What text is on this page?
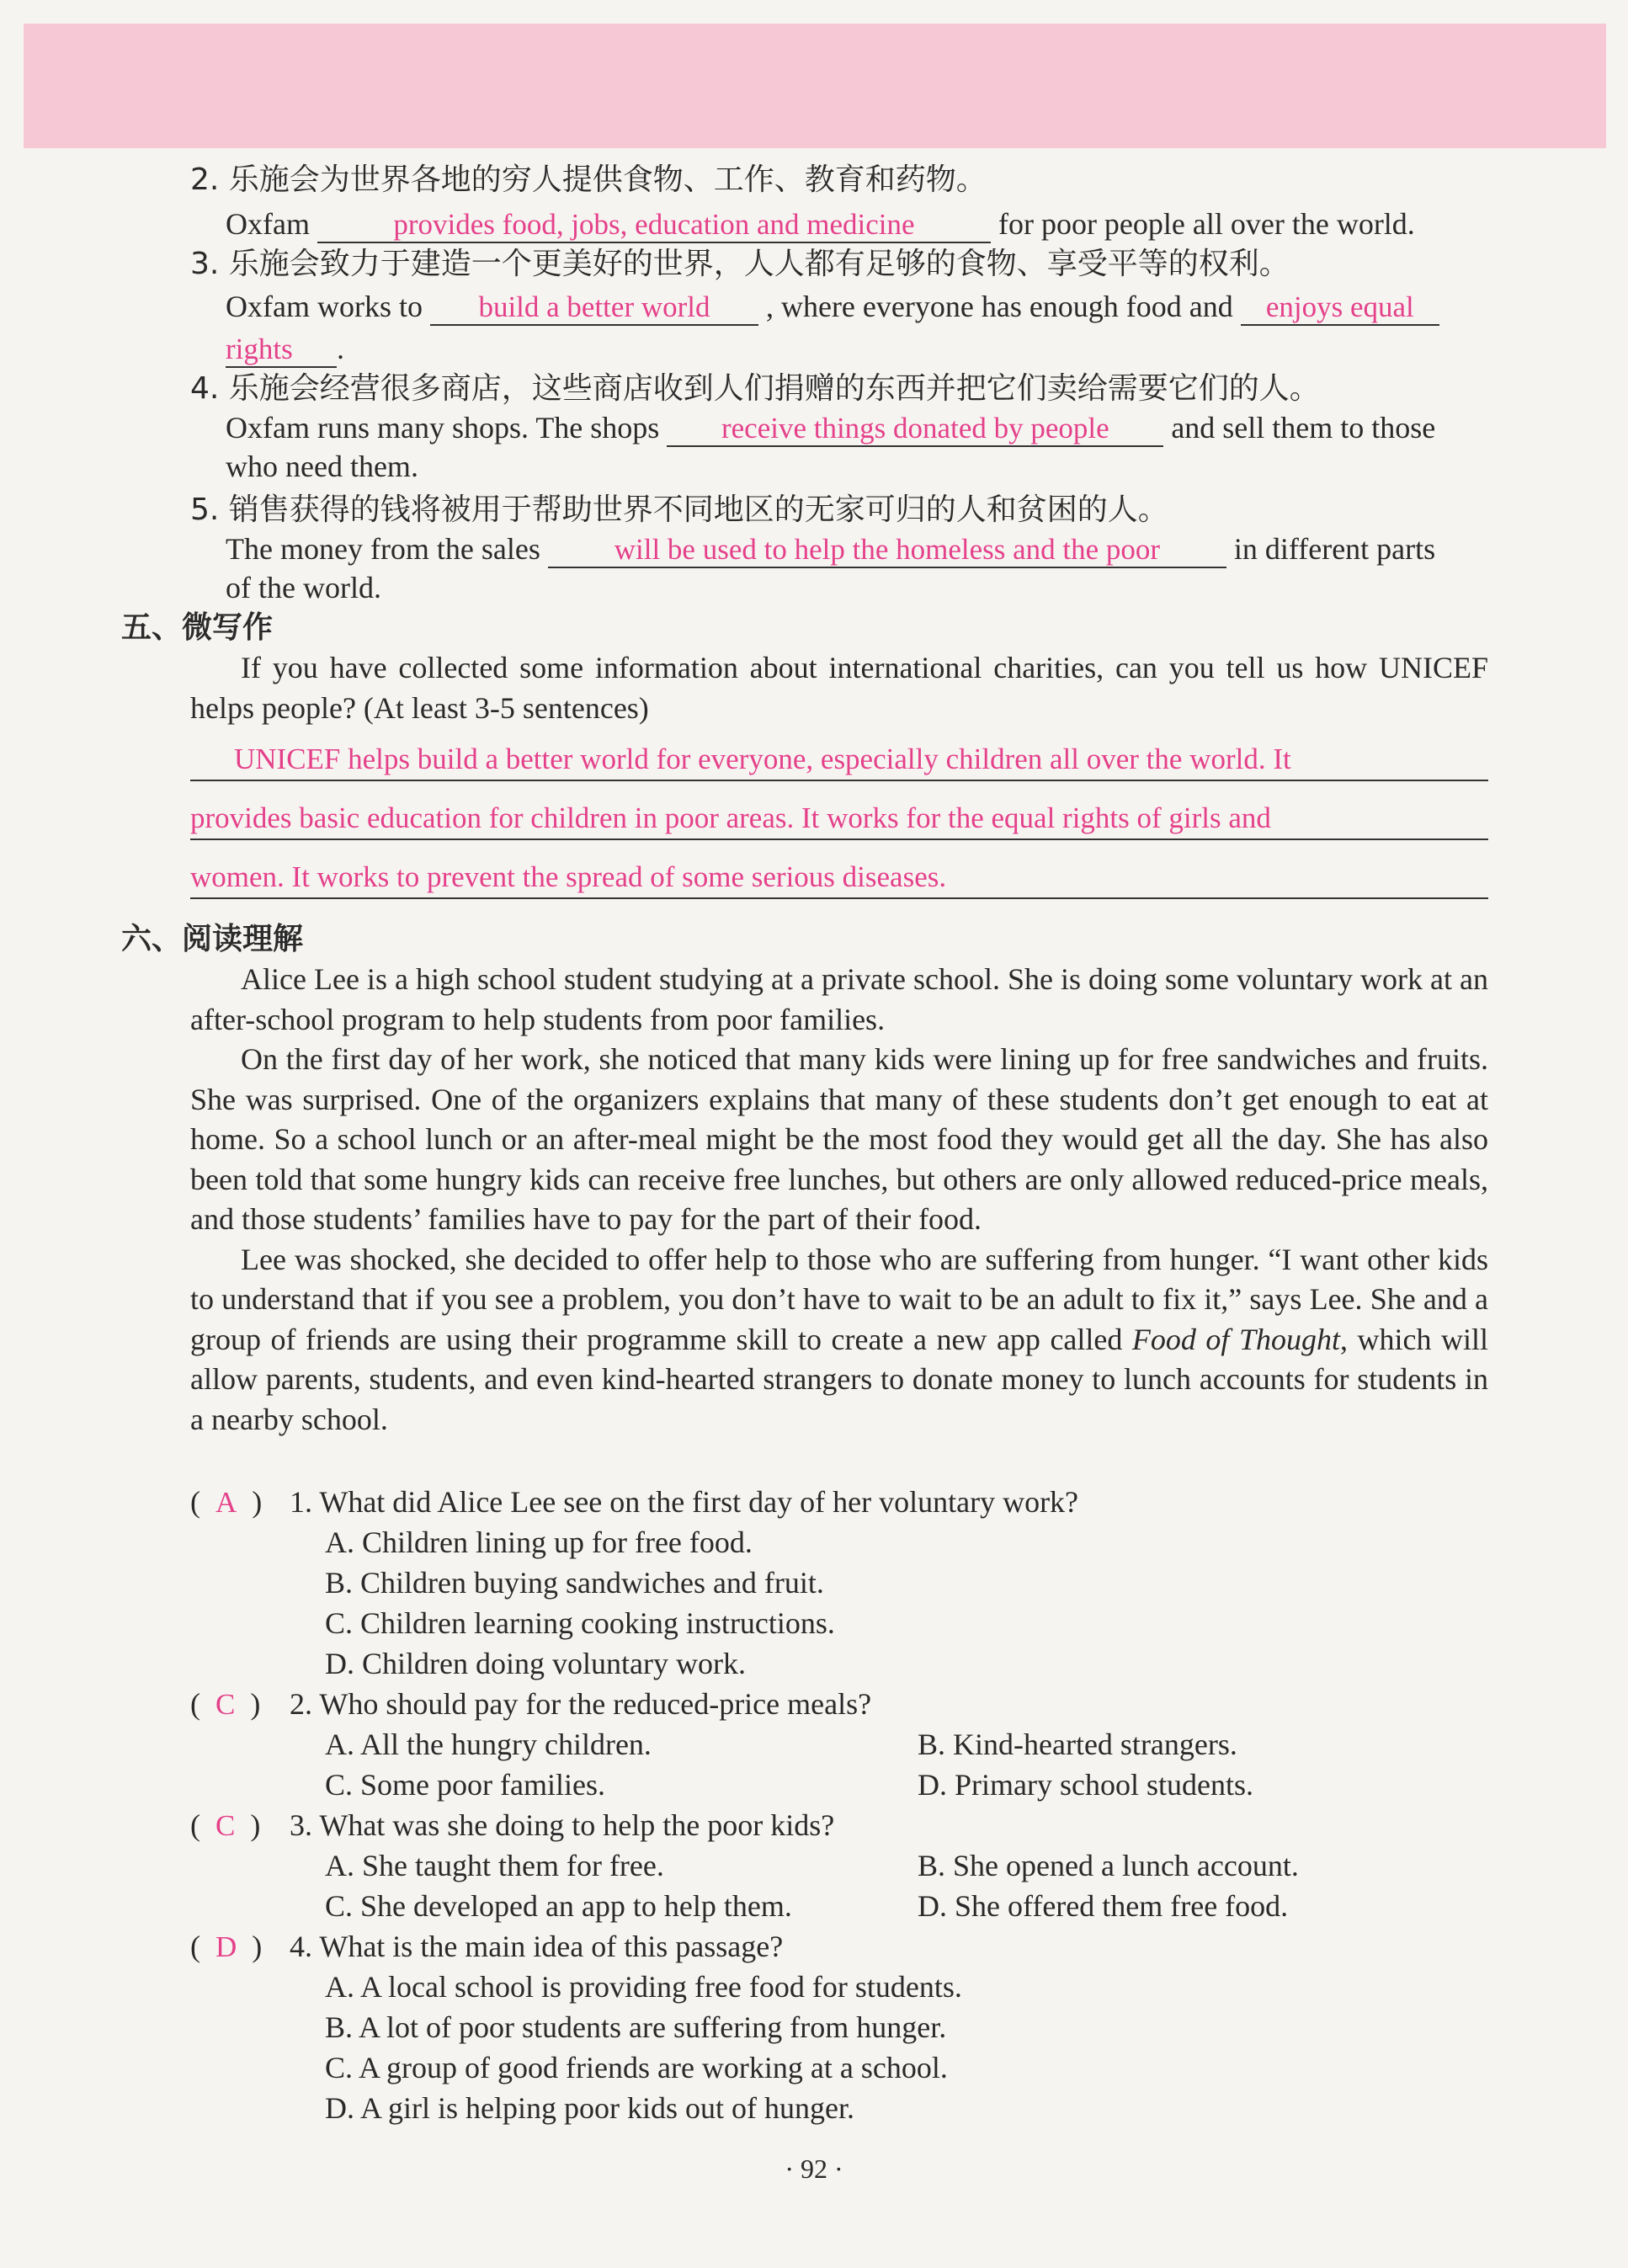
2. 乐施会为世界各地的穷人提供食物、工作、教育和药物。
Oxfam	provides food, jobs, education and medicine	for poor people all over the world.
3. 乐施会致力于建造一个更美好的世界，人人都有足够的食物、享受平等的权利。
Oxfam works to build a better world , where everyone has enough food and enjoys equal
rights .
4. 乐施会经营很多商店，这些商店收到人们捐赠的东西并把它们卖给需要它们的人。
Oxfam runs many shops. The shops receive things donated by people and sell them to those
who need them.
5. 销售获得的钱将被用于帮助世界不同地区的无家可归的人和贫困的人。
The money from the sales will be used to help the homeless and the poor in different parts
of the world.
五、微写作

If you have collected some information about international charities, can you tell us how UNICEF helps people? (At least 3-5 sentences)

UNICEF helps build a better world for everyone, especially children all over the world. It
provides basic education for children in poor areas. It works for the equal rights of girls and
women. It works to prevent the spread of some serious diseases.
六、阅读理解

Alice Lee is a high school student studying at a private school. She is doing some voluntary work at an after-school program to help students from poor families.

On the first day of her work, she noticed that many kids were lining up for free sandwiches and fruits. She was surprised. One of the organizers explains that many of these students don’t get enough to eat at home. So a school lunch or an after-meal might be the most food they would get all the day. She has also been told that some hungry kids can receive free lunches, but others are only allowed reduced-price meals, and those students’ families have to pay for the part of their food.

Lee was shocked, she decided to offer help to those who are suffering from hunger. “I want other kids to understand that if you see a problem, you don’t have to wait to be an adult to fix it,” says Lee. She and a group of friends are using their programme skill to create a new app called Food of Thought, which will allow parents, students, and even kind-hearted strangers to donate money to lunch accounts for students in a nearby school.

(  A  ) 1. What did Alice Lee see on the first day of her voluntary work?
A. Children lining up for free food.
B. Children buying sandwiches and fruit.
C. Children learning cooking instructions.
D. Children doing voluntary work.
(  C  ) 2. Who should pay for the reduced-price meals?
A. All the hungry children.	B. Kind-hearted strangers.
C. Some poor families.	D. Primary school students.
(  C  ) 3. What was she doing to help the poor kids?
A. She taught them for free.	B. She opened a lunch account.
C. She developed an app to help them.	D. She offered them free food.
(  D  ) 4. What is the main idea of this passage?
A. A local school is providing free food for students.
B. A lot of poor students are suffering from hunger.
C. A group of good friends are working at a school.
D. A girl is helping poor kids out of hunger.
· 92 ·
